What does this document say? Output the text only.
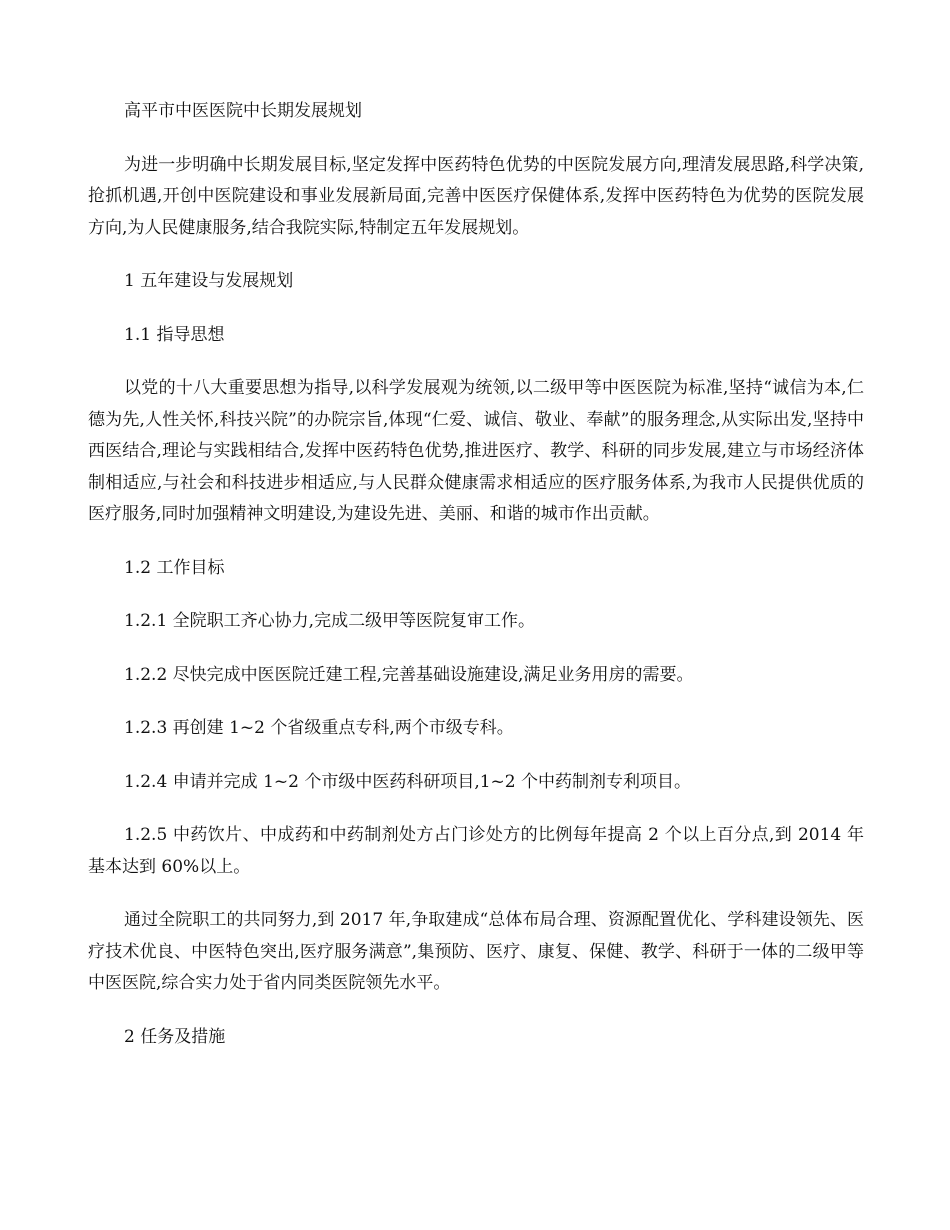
高平市中医医院中长期发展规划

为进一步明确中长期发展目标,坚定发挥中医药特色优势的中医院发展方向,理清发展思路,科学决策,抢抓机遇,开创中医院建设和事业发展新局面,完善中医医疗保健体系,发挥中医药特色为优势的医院发展方向,为人民健康服务,结合我院实际,特制定五年发展规划。

1 五年建设与发展规划

1.1 指导思想

以党的十八大重要思想为指导,以科学发展观为统领,以二级甲等中医医院为标准,坚持“诚信为本,仁德为先,人性关怀,科技兴院”的办院宗旨,体现“仁爱、诚信、敬业、奉献”的服务理念,从实际出发,坚持中西医结合,理论与实践相结合,发挥中医药特色优势,推进医疗、教学、科研的同步发展,建立与市场经济体制相适应,与社会和科技进步相适应,与人民群众健康需求相适应的医疗服务体系,为我市人民提供优质的医疗服务,同时加强精神文明建设,为建设先进、美丽、和谐的城市作出贡献。

1.2 工作目标

1.2.1 全院职工齐心协力,完成二级甲等医院复审工作。

1.2.2 尽快完成中医医院迁建工程,完善基础设施建设,满足业务用房的需要。

1.2.3 再创建 1~2 个省级重点专科,两个市级专科。

1.2.4 申请并完成 1~2 个市级中医药科研项目,1~2 个中药制剂专利项目。

1.2.5 中药饮片、中成药和中药制剂处方占门诊处方的比例每年提高 2 个以上百分点,到 2014 年基本达到 60%以上。

通过全院职工的共同努力,到 2017 年,争取建成“总体布局合理、资源配置优化、学科建设领先、医疗技术优良、中医特色突出,医疗服务满意”,集预防、医疗、康复、保健、教学、科研于一体的二级甲等中医医院,综合实力处于省内同类医院领先水平。

2 任务及措施
